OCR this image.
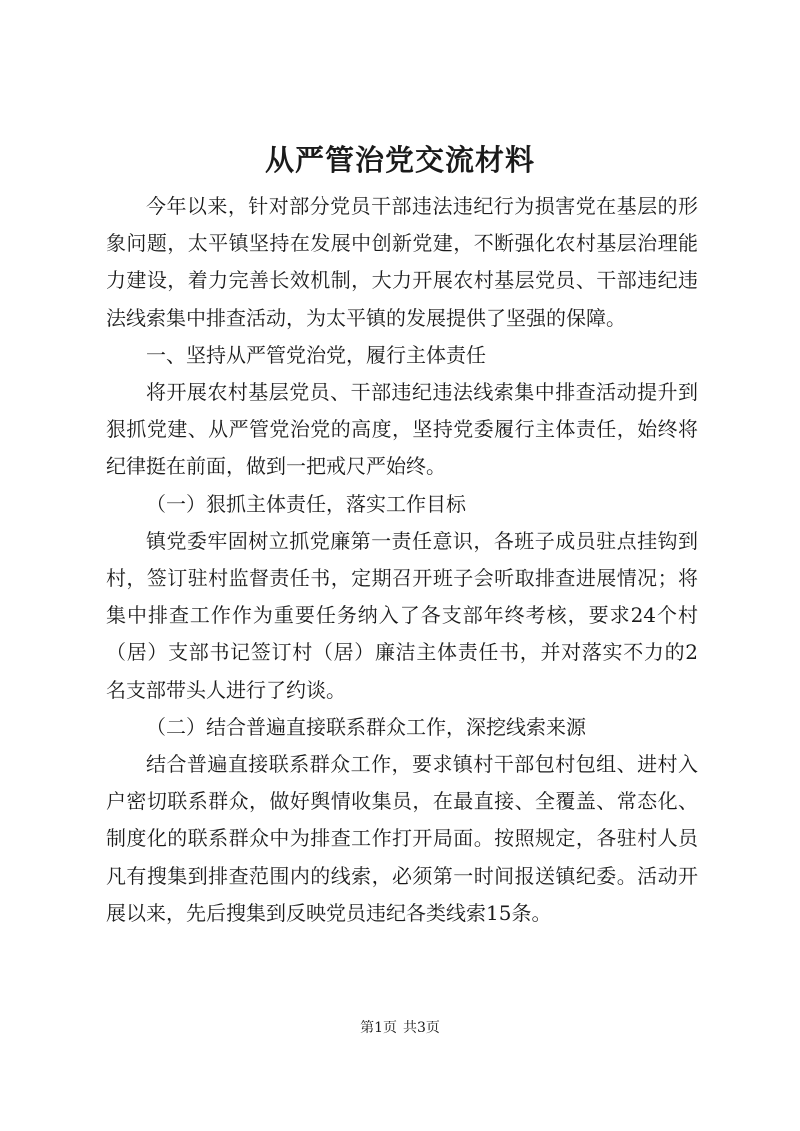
从严管治党交流材料

今年以来，针对部分党员干部违法违纪行为损害党在基层的形象问题，太平镇坚持在发展中创新党建，不断强化农村基层治理能力建设，着力完善长效机制，大力开展农村基层党员、干部违纪违法线索集中排查活动，为太平镇的发展提供了坚强的保障。

一、坚持从严管党治党，履行主体责任

将开展农村基层党员、干部违纪违法线索集中排查活动提升到狠抓党建、从严管党治党的高度，坚持党委履行主体责任，始终将纪律挺在前面，做到一把戒尺严始终。

（一）狠抓主体责任，落实工作目标

镇党委牢固树立抓党廉第一责任意识，各班子成员驻点挂钩到村，签订驻村监督责任书，定期召开班子会听取排查进展情况；将集中排查工作作为重要任务纳入了各支部年终考核，要求24个村（居）支部书记签订村（居）廉洁主体责任书，并对落实不力的2名支部带头人进行了约谈。

（二）结合普遍直接联系群众工作，深挖线索来源

结合普遍直接联系群众工作，要求镇村干部包村包组、进村入户密切联系群众，做好舆情收集员，在最直接、全覆盖、常态化、制度化的联系群众中为排查工作打开局面。按照规定，各驻村人员凡有搜集到排查范围内的线索，必须第一时间报送镇纪委。活动开展以来，先后搜集到反映党员违纪各类线索15条。

第1页 共3页
